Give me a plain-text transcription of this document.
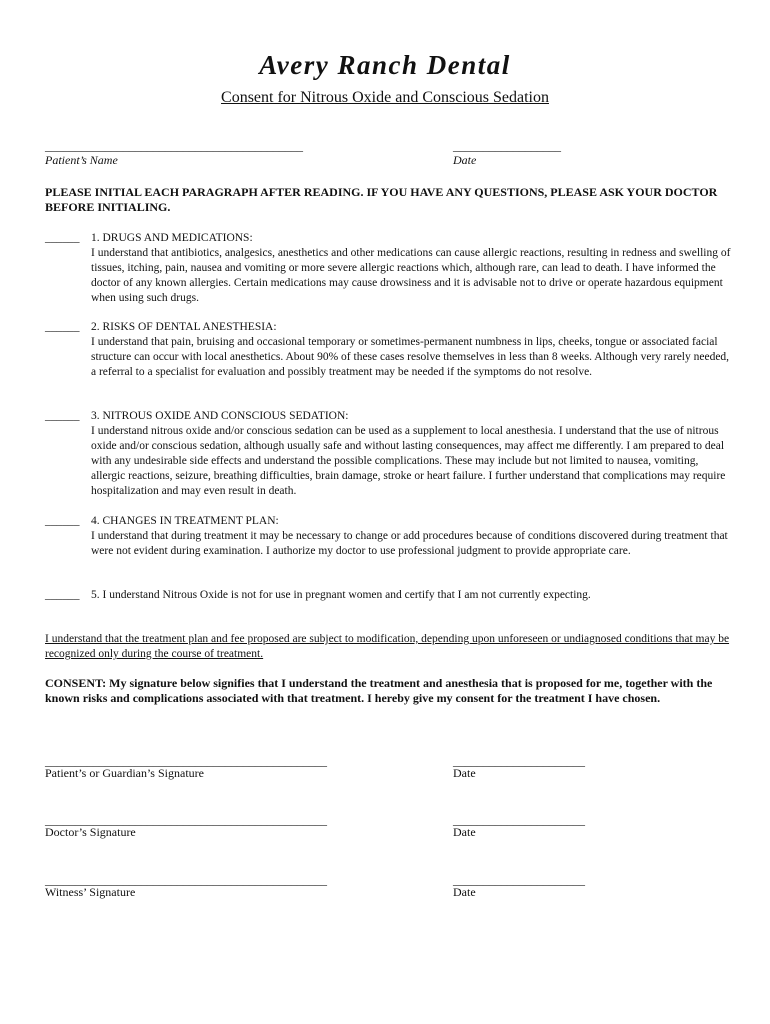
Avery Ranch Dental
Consent for Nitrous Oxide and Conscious Sedation
___________________________________________
Patient’s Name
__________________
Date
PLEASE INITIAL EACH PARAGRAPH AFTER READING. IF YOU HAVE ANY QUESTIONS, PLEASE ASK YOUR DOCTOR BEFORE INITIALING.
______ 1. DRUGS AND MEDICATIONS:
I understand that antibiotics, analgesics, anesthetics and other medications can cause allergic reactions, resulting in redness and swelling of tissues, itching, pain, nausea and vomiting or more severe allergic reactions which, although rare, can lead to death. I have informed the doctor of any known allergies. Certain medications may cause drowsiness and it is advisable not to drive or operate hazardous equipment when using such drugs.
______ 2. RISKS OF DENTAL ANESTHESIA:
I understand that pain, bruising and occasional temporary or sometimes-permanent numbness in lips, cheeks, tongue or associated facial structure can occur with local anesthetics. About 90% of these cases resolve themselves in less than 8 weeks. Although very rarely needed, a referral to a specialist for evaluation and possibly treatment may be needed if the symptoms do not resolve.
______ 3. NITROUS OXIDE AND CONSCIOUS SEDATION:
I understand nitrous oxide and/or conscious sedation can be used as a supplement to local anesthesia. I understand that the use of nitrous oxide and/or conscious sedation, although usually safe and without lasting consequences, may affect me differently. I am prepared to deal with any undesirable side effects and understand the possible complications. These may include but not limited to nausea, vomiting, allergic reactions, seizure, breathing difficulties, brain damage, stroke or heart failure. I further understand that complications may require hospitalization and may even result in death.
______ 4. CHANGES IN TREATMENT PLAN:
I understand that during treatment it may be necessary to change or add procedures because of conditions discovered during treatment that were not evident during examination. I authorize my doctor to use professional judgment to provide appropriate care.
______ 5. I understand Nitrous Oxide is not for use in pregnant women and certify that I am not currently expecting.
I understand that the treatment plan and fee proposed are subject to modification, depending upon unforeseen or undiagnosed conditions that may be recognized only during the course of treatment.
CONSENT: My signature below signifies that I understand the treatment and anesthesia that is proposed for me, together with the known risks and complications associated with that treatment. I hereby give my consent for the treatment I have chosen.
_______________________________________________
Patient’s or Guardian’s Signature
______________________
Date
_______________________________________________
Doctor’s Signature
______________________
Date
_______________________________________________
Witness’ Signature
______________________
Date
